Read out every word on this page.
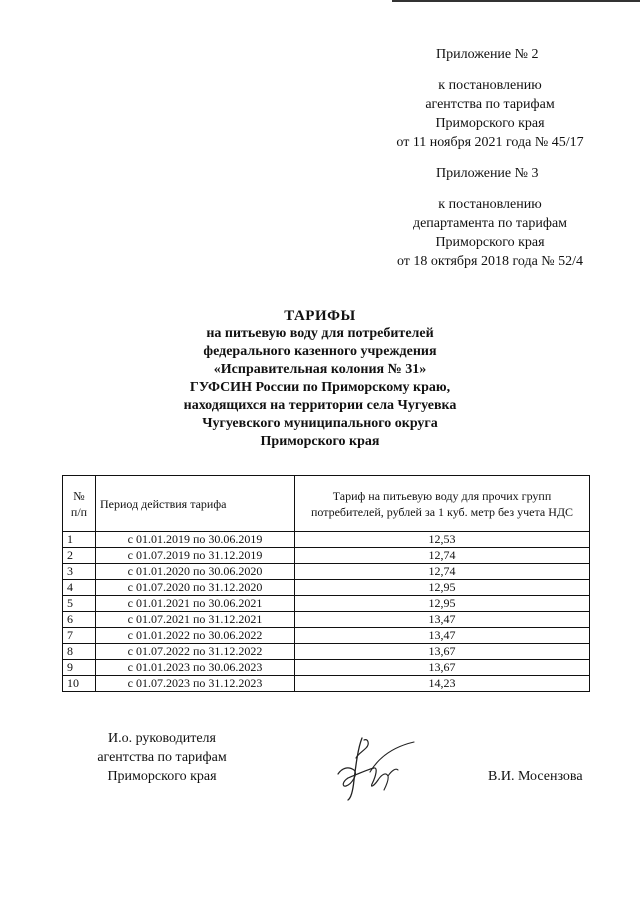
Приложение № 2
к постановлению
агентства по тарифам
Приморского края
от 11 ноября 2021 года № 45/17
Приложение № 3
к постановлению
департамента по тарифам
Приморского края
от 18 октября 2018 года № 52/4
ТАРИФЫ
на питьевую воду для потребителей
федерального казенного учреждения
«Исправительная колония № 31»
ГУФСИН России по Приморскому краю,
находящихся на территории села Чугуевка
Чугуевского муниципального округа
Приморского края
№ п/п	Период действия тарифа	Тариф на питьевую воду для прочих групп потребителей, рублей за 1 куб. метр без учета НДС
1	с 01.01.2019 по 30.06.2019	12,53
2	с 01.07.2019 по 31.12.2019	12,74
3	с 01.01.2020 по 30.06.2020	12,74
4	с 01.07.2020 по 31.12.2020	12,95
5	с 01.01.2021 по 30.06.2021	12,95
6	с 01.07.2021 по 31.12.2021	13,47
7	с 01.01.2022 по 30.06.2022	13,47
8	с 01.07.2022 по 31.12.2022	13,67
9	с 01.01.2023 по 30.06.2023	13,67
10	с 01.07.2023 по 31.12.2023	14,23
И.о. руководителя
агентства по тарифам
Приморского края	В.И. Мосензова
